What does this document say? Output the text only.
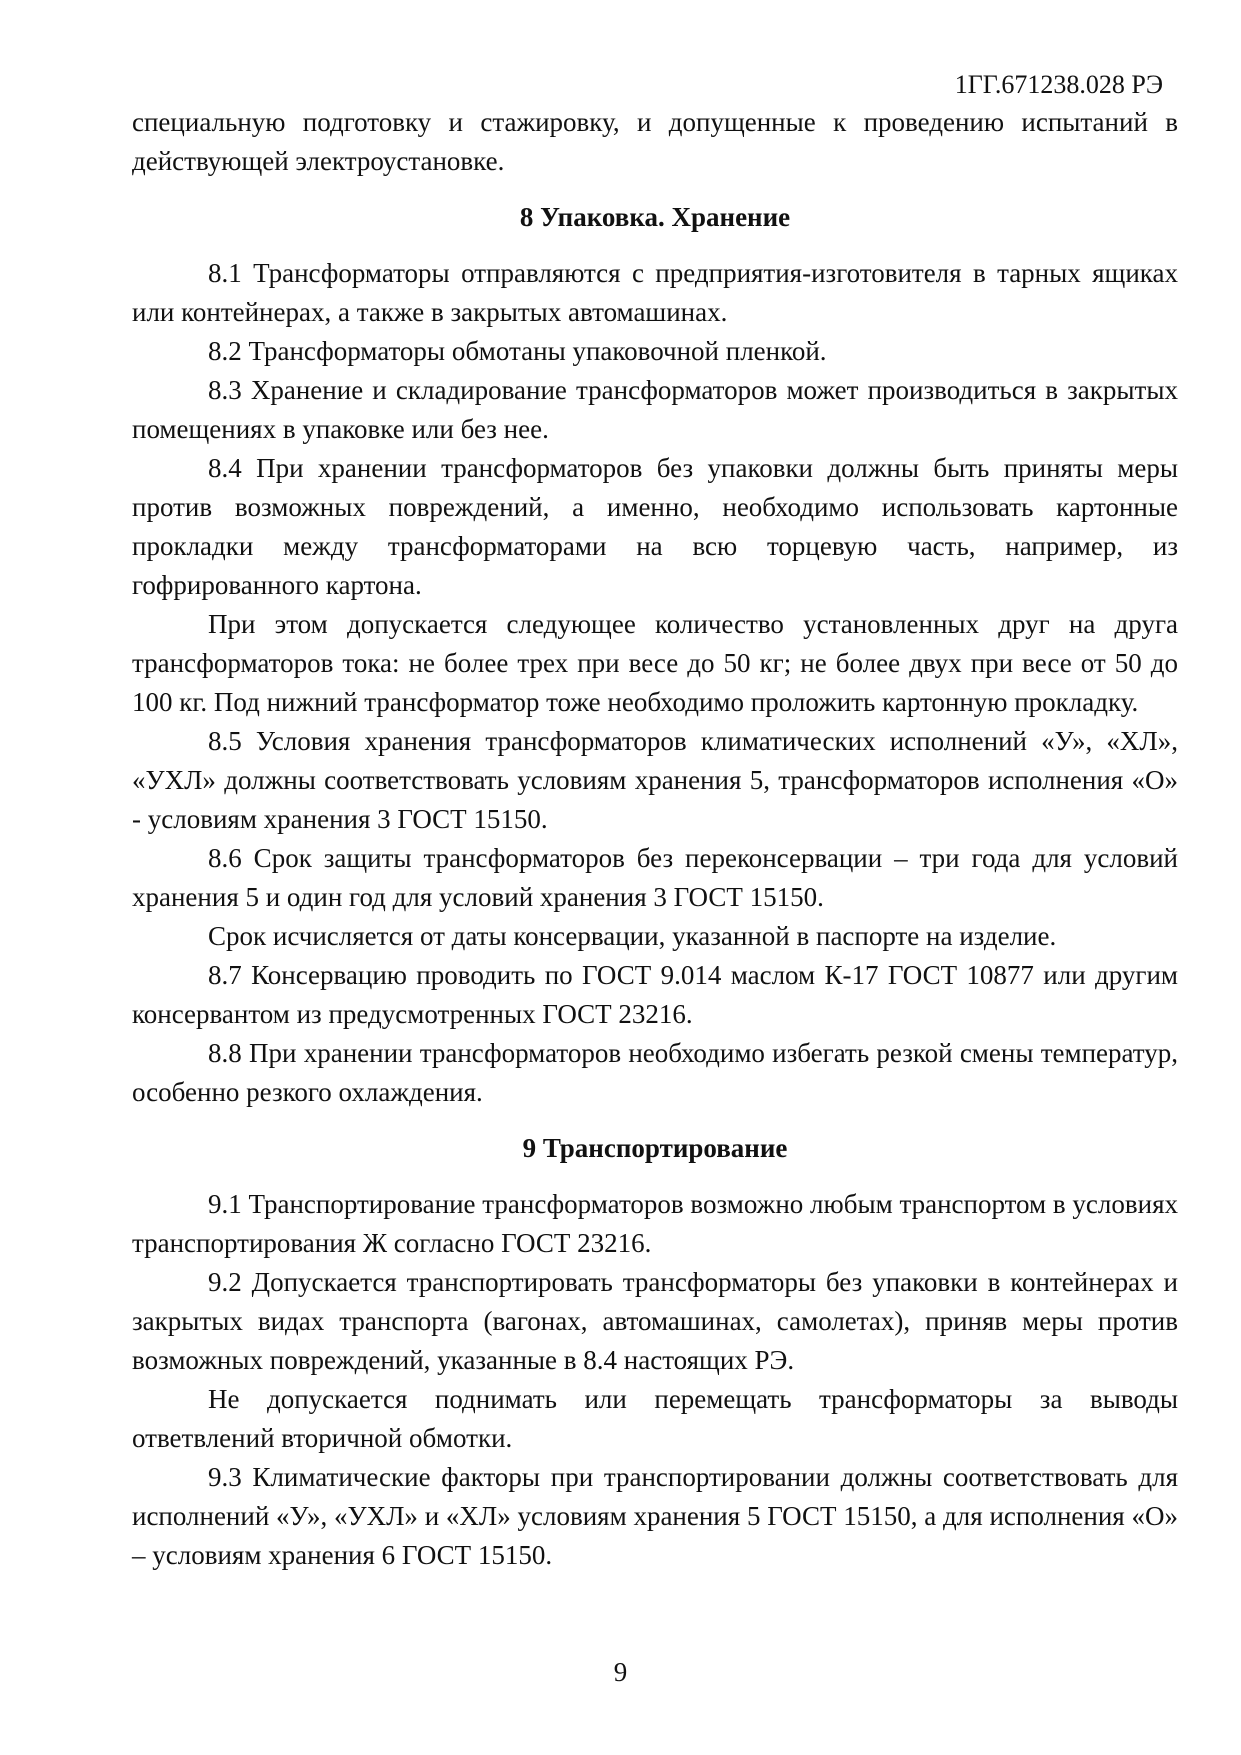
1ГГ.671238.028 РЭ

специальную подготовку и стажировку, и допущенные к проведению испытаний в действующей электроустановке.

8 Упаковка. Хранение

8.1 Трансформаторы отправляются с предприятия-изготовителя в тарных ящиках или контейнерах, а также в закрытых автомашинах.

8.2 Трансформаторы обмотаны упаковочной пленкой.

8.3 Хранение и складирование трансформаторов может производиться в закрытых помещениях в упаковке или без нее.

8.4 При хранении трансформаторов без упаковки должны быть приняты меры против возможных повреждений, а именно, необходимо использовать картонные прокладки между трансформаторами на всю торцевую часть, например, из гофрированного картона.

При этом допускается следующее количество установленных друг на друга трансформаторов тока: не более трех при весе до 50 кг; не более двух при весе от 50 до 100 кг. Под нижний трансформатор тоже необходимо проложить картонную прокладку.

8.5 Условия хранения трансформаторов климатических исполнений «У», «ХЛ», «УХЛ» должны соответствовать условиям хранения 5, трансформаторов исполнения «О» - условиям хранения 3 ГОСТ 15150.

8.6 Срок защиты трансформаторов без переконсервации – три года для условий хранения 5 и один год для условий хранения 3 ГОСТ 15150.

Срок исчисляется от даты консервации, указанной в паспорте на изделие.

8.7 Консервацию проводить по ГОСТ 9.014 маслом К-17 ГОСТ 10877 или другим консервантом из предусмотренных ГОСТ 23216.

8.8 При хранении трансформаторов необходимо избегать резкой смены температур, особенно резкого охлаждения.

9 Транспортирование

9.1 Транспортирование трансформаторов возможно любым транспортом в условиях транспортирования Ж согласно ГОСТ 23216.

9.2 Допускается транспортировать трансформаторы без упаковки в контейнерах и закрытых видах транспорта (вагонах, автомашинах, самолетах), приняв меры против возможных повреждений, указанные в 8.4 настоящих РЭ.

Не допускается поднимать или перемещать трансформаторы за выводы ответвлений вторичной обмотки.

9.3 Климатические факторы при транспортировании должны соответствовать для исполнений «У», «УХЛ» и «ХЛ» условиям хранения 5 ГОСТ 15150, а для исполнения «О» – условиям хранения 6 ГОСТ 15150.

9
